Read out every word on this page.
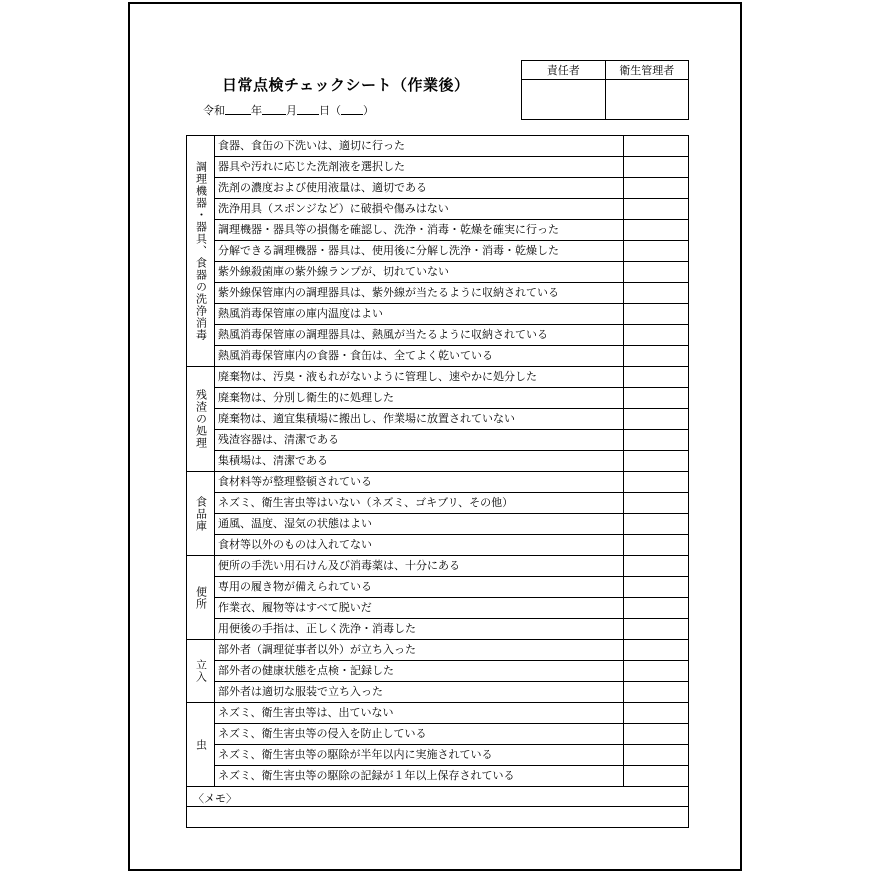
日常点検チェックシート（作業後）
令和 年 月 日（ ）
責任者	衛生管理者
調理機器・器具、食器の洗浄消毒
食器、食缶の下洗いは、適切に行った
器具や汚れに応じた洗剤液を選択した
洗剤の濃度および使用液量は、適切である
洗浄用具（スポンジなど）に破損や傷みはない
調理機器・器具等の損傷を確認し、洗浄・消毒・乾燥を確実に行った
分解できる調理機器・器具は、使用後に分解し洗浄・消毒・乾燥した
紫外線殺菌庫の紫外線ランプが、切れていない
紫外線保管庫内の調理器具は、紫外線が当たるように収納されている
熱風消毒保管庫の庫内温度はよい
熱風消毒保管庫の調理器具は、熱風が当たるように収納されている
熱風消毒保管庫内の食器・食缶は、全てよく乾いている
残渣の処理
廃棄物は、汚臭・液もれがないように管理し、速やかに処分した
廃棄物は、分別し衛生的に処理した
廃棄物は、適宜集積場に搬出し、作業場に放置されていない
残渣容器は、清潔である
集積場は、清潔である
食品庫
食材料等が整理整頓されている
ネズミ、衛生害虫等はいない（ネズミ、ゴキブリ、その他）
通風、温度、湿気の状態はよい
食材等以外のものは入れてない
便所
便所の手洗い用石けん及び消毒薬は、十分にある
専用の履き物が備えられている
作業衣、履物等はすべて脱いだ
用便後の手指は、正しく洗浄・消毒した
立入
部外者（調理従事者以外）が立ち入った
部外者の健康状態を点検・記録した
部外者は適切な服装で立ち入った
虫
ネズミ、衛生害虫等は、出ていない
ネズミ、衛生害虫等の侵入を防止している
ネズミ、衛生害虫等の駆除が半年以内に実施されている
ネズミ、衛生害虫等の駆除の記録が１年以上保存されている
〈メモ〉
